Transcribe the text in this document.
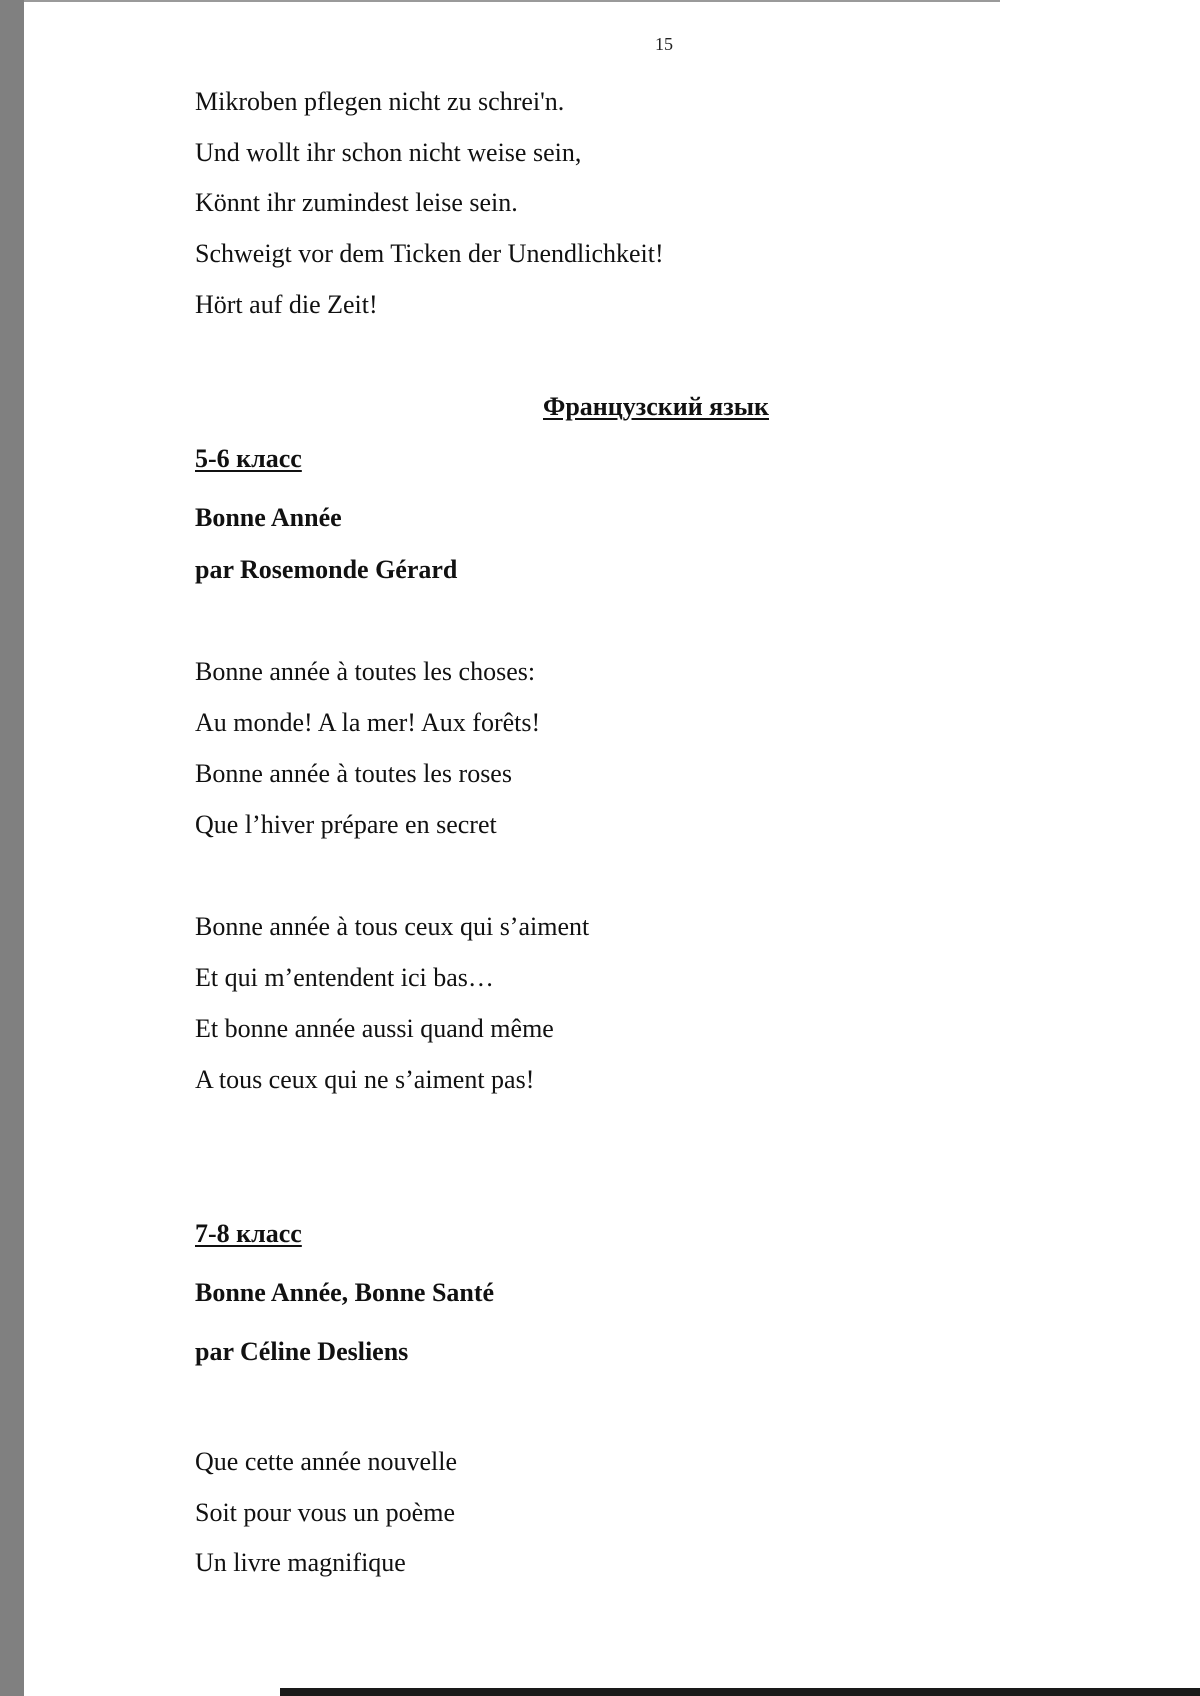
15
Mikroben pflegen nicht zu schrei'n.
Und wollt ihr schon nicht weise sein,
Könnt ihr zumindest leise sein.
Schweigt vor dem Ticken der Unendlichkeit!
Hört auf die Zeit!
Французский язык
5-6 класс
Bonne Année
par Rosemonde Gérard
Bonne année à toutes les choses:
Au monde! A la mer! Aux forêts!
Bonne année à toutes les roses
Que l’hiver prépare en secret
Bonne année à tous ceux qui s’aiment
Et qui m’entendent ici bas…
Et bonne année aussi quand même
A tous ceux qui ne s’aiment pas!
7-8 класс
Bonne Année, Bonne Santé
par Céline Desliens
Que cette année nouvelle
Soit pour vous un poème
Un livre magnifique
